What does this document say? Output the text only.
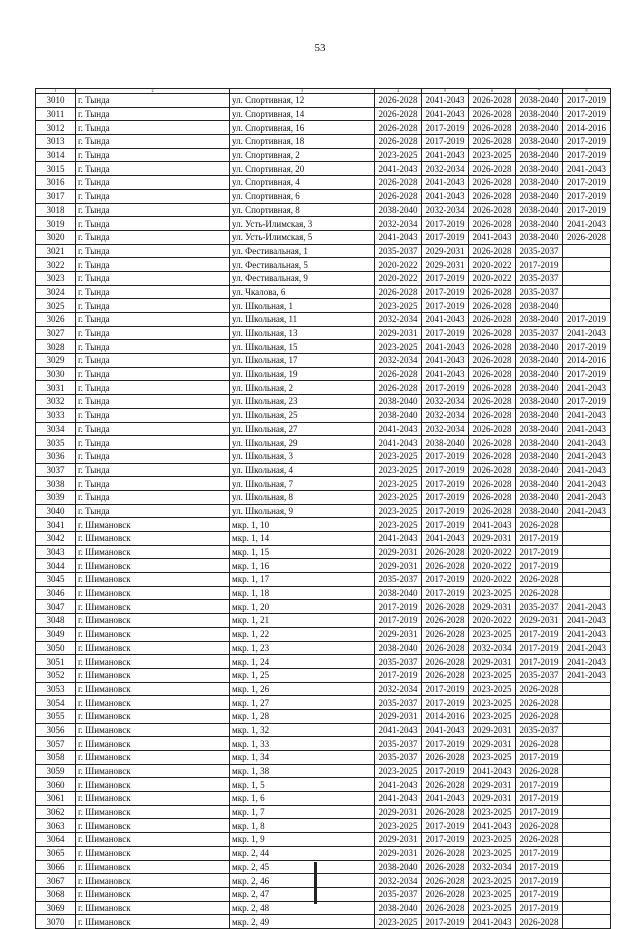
53
1	2	3	4	5	6	7	8
3010	г. Тында	ул. Спортивная, 12	2026-2028	2041-2043	2026-2028	2038-2040	2017-2019
3011	г. Тында	ул. Спортивная, 14	2026-2028	2041-2043	2026-2028	2038-2040	2017-2019
3012	г. Тында	ул. Спортивная, 16	2026-2028	2017-2019	2026-2028	2038-2040	2014-2016
3013	г. Тында	ул. Спортивная, 18	2026-2028	2017-2019	2026-2028	2038-2040	2017-2019
3014	г. Тында	ул. Спортивная, 2	2023-2025	2041-2043	2023-2025	2038-2040	2017-2019
3015	г. Тында	ул. Спортивная, 20	2041-2043	2032-2034	2026-2028	2038-2040	2041-2043
3016	г. Тында	ул. Спортивная, 4	2026-2028	2041-2043	2026-2028	2038-2040	2017-2019
3017	г. Тында	ул. Спортивная, 6	2026-2028	2041-2043	2026-2028	2038-2040	2017-2019
3018	г. Тында	ул. Спортивная, 8	2038-2040	2032-2034	2026-2028	2038-2040	2017-2019
3019	г. Тында	ул. Усть-Илимская, 3	2032-2034	2017-2019	2026-2028	2038-2040	2041-2043
3020	г. Тында	ул. Усть-Илимская, 5	2041-2043	2017-2019	2041-2043	2038-2040	2026-2028
3021	г. Тында	ул. Фестивальная, 1	2035-2037	2029-2031	2026-2028	2035-2037	
3022	г. Тында	ул. Фестивальная, 5	2020-2022	2029-2031	2020-2022	2017-2019	
3023	г. Тында	ул. Фестивальная, 9	2020-2022	2017-2019	2020-2022	2035-2037	
3024	г. Тында	ул. Чкалова, 6	2026-2028	2017-2019	2026-2028	2035-2037	
3025	г. Тында	ул. Школьная, 1	2023-2025	2017-2019	2026-2028	2038-2040	
3026	г. Тында	ул. Школьная, 11	2032-2034	2041-2043	2026-2028	2038-2040	2017-2019
3027	г. Тында	ул. Школьная, 13	2029-2031	2017-2019	2026-2028	2035-2037	2041-2043
3028	г. Тында	ул. Школьная, 15	2023-2025	2041-2043	2026-2028	2038-2040	2017-2019
3029	г. Тында	ул. Школьная, 17	2032-2034	2041-2043	2026-2028	2038-2040	2014-2016
3030	г. Тында	ул. Школьная, 19	2026-2028	2041-2043	2026-2028	2038-2040	2017-2019
3031	г. Тында	ул. Школьная, 2	2026-2028	2017-2019	2026-2028	2038-2040	2041-2043
3032	г. Тында	ул. Школьная, 23	2038-2040	2032-2034	2026-2028	2038-2040	2017-2019
3033	г. Тында	ул. Школьная, 25	2038-2040	2032-2034	2026-2028	2038-2040	2041-2043
3034	г. Тында	ул. Школьная, 27	2041-2043	2032-2034	2026-2028	2038-2040	2041-2043
3035	г. Тында	ул. Школьная, 29	2041-2043	2038-2040	2026-2028	2038-2040	2041-2043
3036	г. Тында	ул. Школьная, 3	2023-2025	2017-2019	2026-2028	2038-2040	2041-2043
3037	г. Тында	ул. Школьная, 4	2023-2025	2017-2019	2026-2028	2038-2040	2041-2043
3038	г. Тында	ул. Школьная, 7	2023-2025	2017-2019	2026-2028	2038-2040	2041-2043
3039	г. Тында	ул. Школьная, 8	2023-2025	2017-2019	2026-2028	2038-2040	2041-2043
3040	г. Тында	ул. Школьная, 9	2023-2025	2017-2019	2026-2028	2038-2040	2041-2043
3041	г. Шимановск	мкр. 1, 10	2023-2025	2017-2019	2041-2043	2026-2028	
3042	г. Шимановск	мкр. 1, 14	2041-2043	2041-2043	2029-2031	2017-2019	
3043	г. Шимановск	мкр. 1, 15	2029-2031	2026-2028	2020-2022	2017-2019	
3044	г. Шимановск	мкр. 1, 16	2029-2031	2026-2028	2020-2022	2017-2019	
3045	г. Шимановск	мкр. 1, 17	2035-2037	2017-2019	2020-2022	2026-2028	
3046	г. Шимановск	мкр. 1, 18	2038-2040	2017-2019	2023-2025	2026-2028	
3047	г. Шимановск	мкр. 1, 20	2017-2019	2026-2028	2029-2031	2035-2037	2041-2043
3048	г. Шимановск	мкр. 1, 21	2017-2019	2026-2028	2020-2022	2029-2031	2041-2043
3049	г. Шимановск	мкр. 1, 22	2029-2031	2026-2028	2023-2025	2017-2019	2041-2043
3050	г. Шимановск	мкр. 1, 23	2038-2040	2026-2028	2032-2034	2017-2019	2041-2043
3051	г. Шимановск	мкр. 1, 24	2035-2037	2026-2028	2029-2031	2017-2019	2041-2043
3052	г. Шимановск	мкр. 1, 25	2017-2019	2026-2028	2023-2025	2035-2037	2041-2043
3053	г. Шимановск	мкр. 1, 26	2032-2034	2017-2019	2023-2025	2026-2028	
3054	г. Шимановск	мкр. 1, 27	2035-2037	2017-2019	2023-2025	2026-2028	
3055	г. Шимановск	мкр. 1, 28	2029-2031	2014-2016	2023-2025	2026-2028	
3056	г. Шимановск	мкр. 1, 32	2041-2043	2041-2043	2029-2031	2035-2037	
3057	г. Шимановск	мкр. 1, 33	2035-2037	2017-2019	2029-2031	2026-2028	
3058	г. Шимановск	мкр. 1, 34	2035-2037	2026-2028	2023-2025	2017-2019	
3059	г. Шимановск	мкр. 1, 38	2023-2025	2017-2019	2041-2043	2026-2028	
3060	г. Шимановск	мкр. 1, 5	2041-2043	2026-2028	2029-2031	2017-2019	
3061	г. Шимановск	мкр. 1, 6	2041-2043	2041-2043	2029-2031	2017-2019	
3062	г. Шимановск	мкр. 1, 7	2029-2031	2026-2028	2023-2025	2017-2019	
3063	г. Шимановск	мкр. 1, 8	2023-2025	2017-2019	2041-2043	2026-2028	
3064	г. Шимановск	мкр. 1, 9	2029-2031	2017-2019	2023-2025	2026-2028	
3065	г. Шимановск	мкр. 2, 44	2029-2031	2026-2028	2023-2025	2017-2019	
3066	г. Шимановск	мкр. 2, 45	2038-2040	2026-2028	2032-2034	2017-2019	
3067	г. Шимановск	мкр. 2, 46	2032-2034	2026-2028	2023-2025	2017-2019	
3068	г. Шимановск	мкр. 2, 47	2035-2037	2026-2028	2023-2025	2017-2019	
3069	г. Шимановск	мкр. 2, 48	2038-2040	2026-2028	2023-2025	2017-2019	
3070	г. Шимановск	мкр. 2, 49	2023-2025	2017-2019	2041-2043	2026-2028	
